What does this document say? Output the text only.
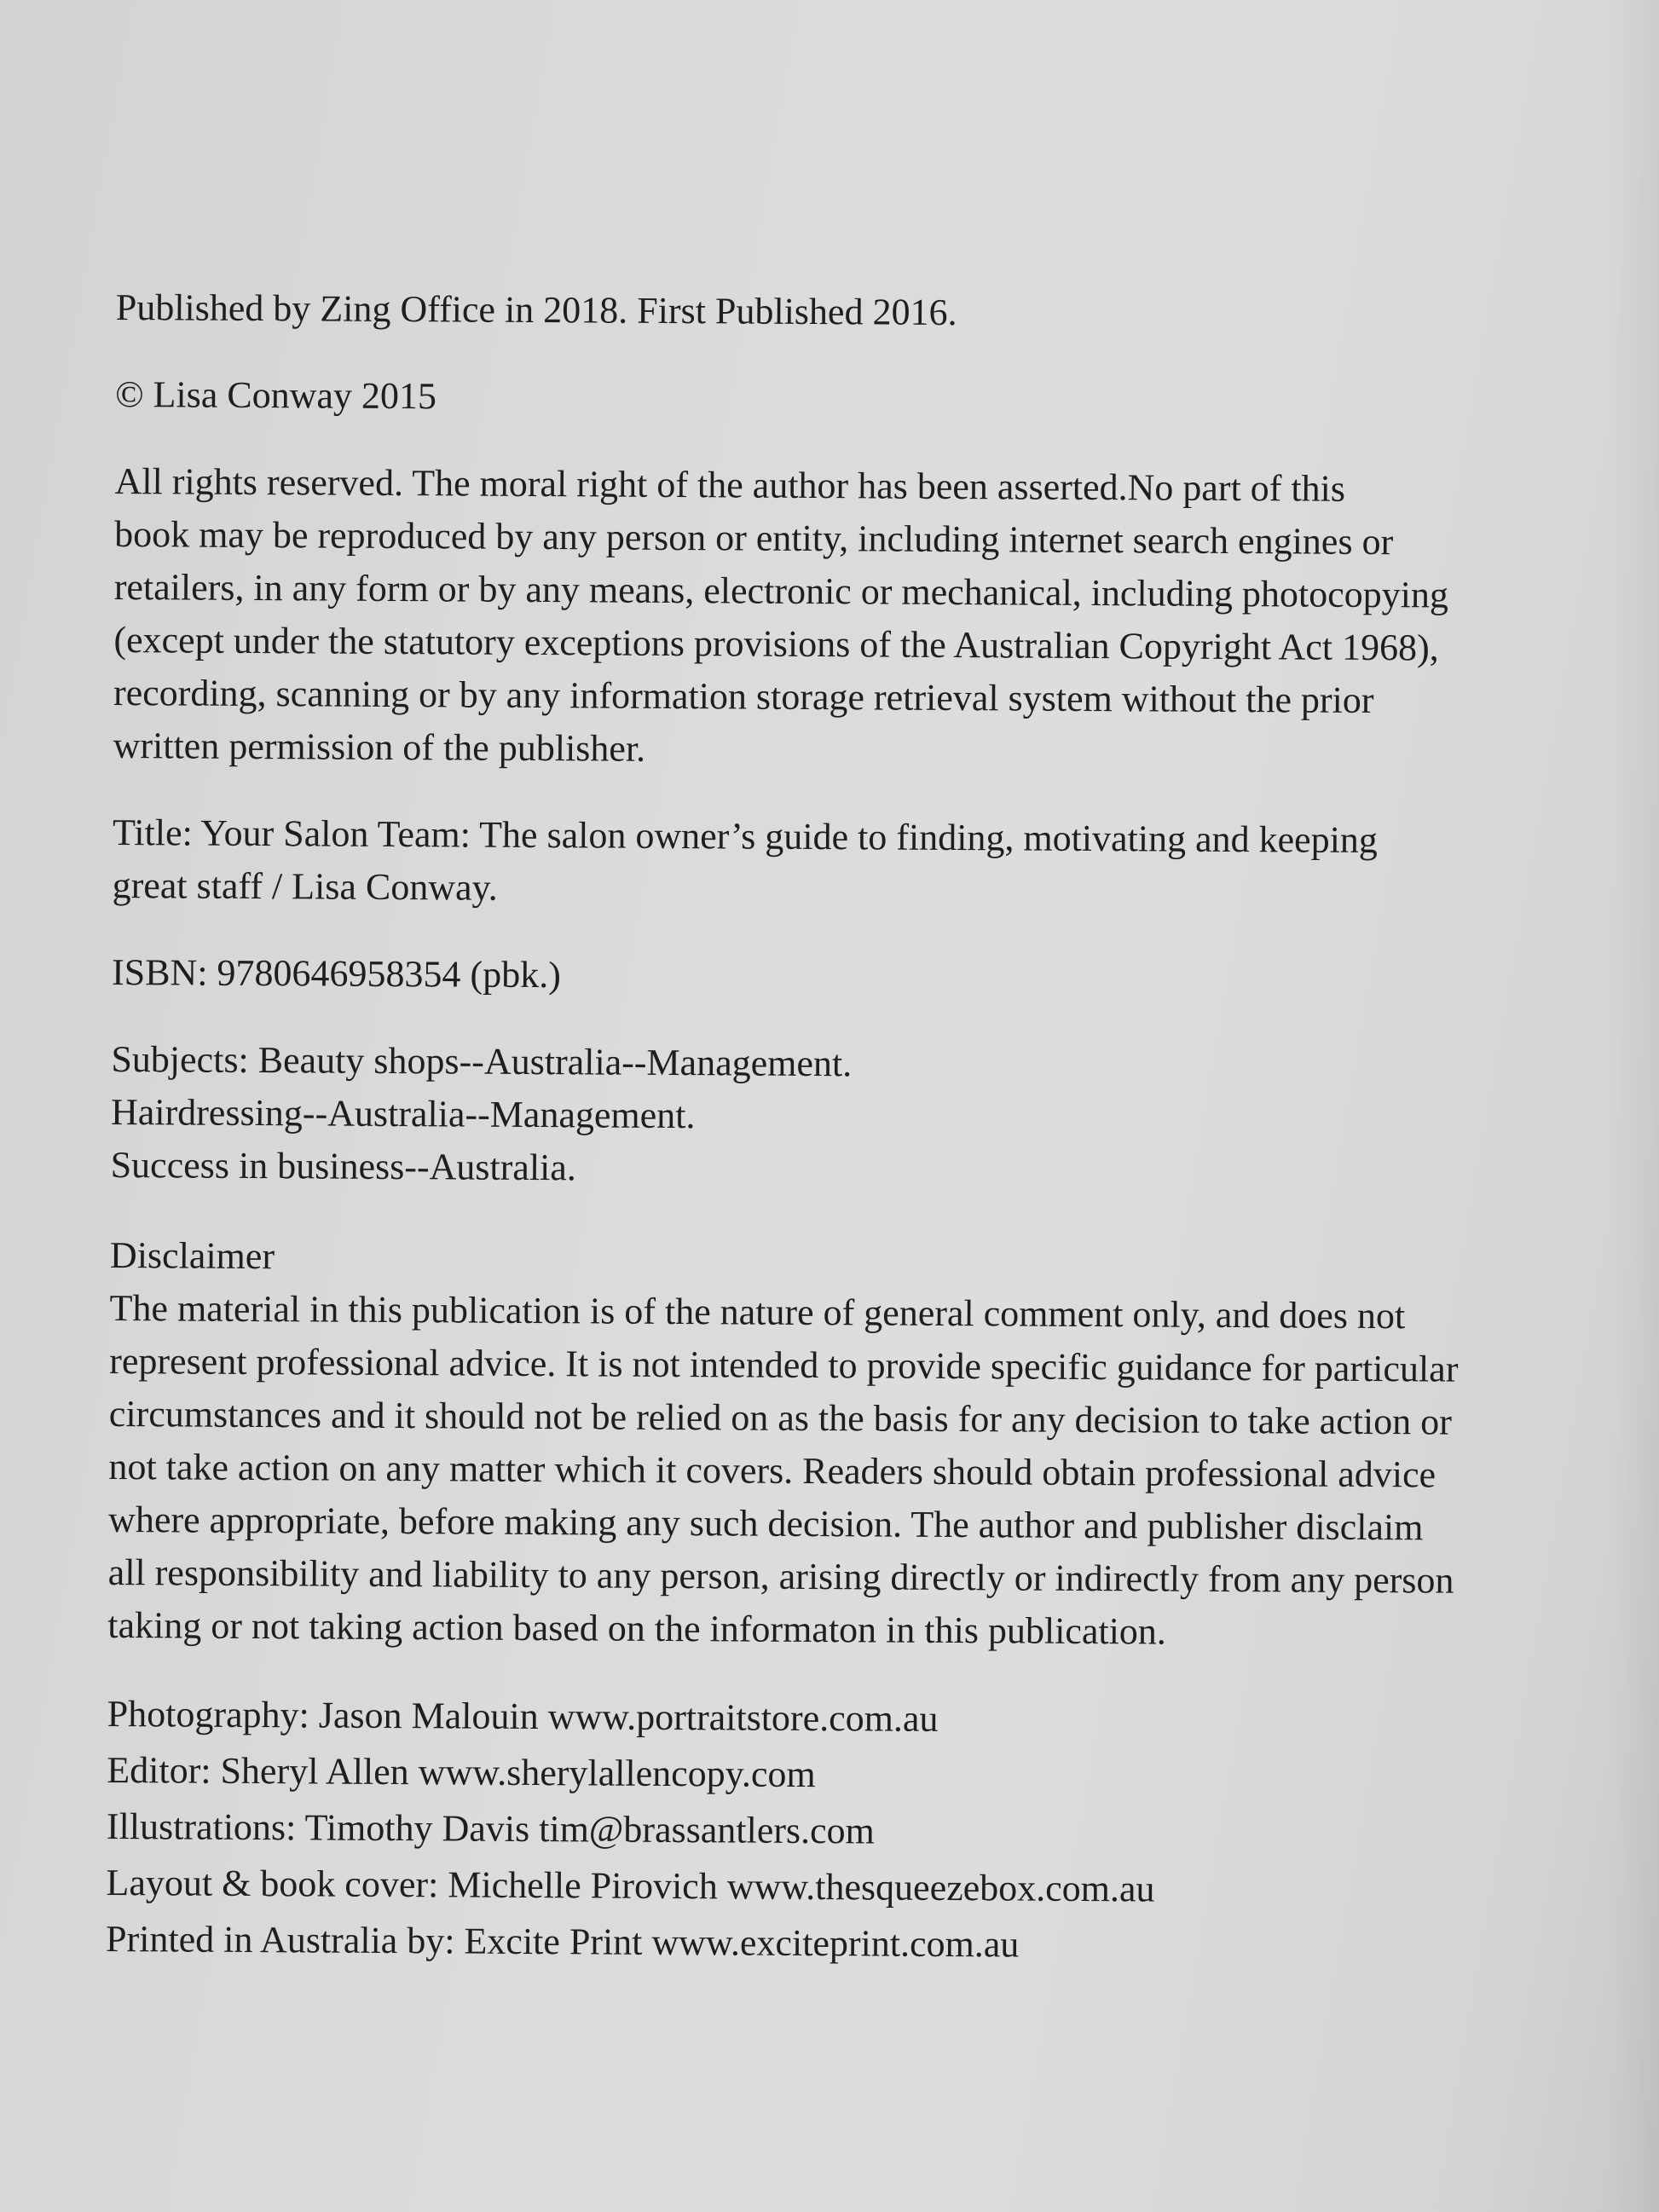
Published by Zing Office in 2018. First Published 2016.

© Lisa Conway 2015

All rights reserved. The moral right of the author has been asserted.No part of this
book may be reproduced by any person or entity, including internet search engines or
retailers, in any form or by any means, electronic or mechanical, including photocopying
(except under the statutory exceptions provisions of the Australian Copyright Act 1968),
recording, scanning or by any information storage retrieval system without the prior
written permission of the publisher.

Title: Your Salon Team: The salon owner’s guide to finding, motivating and keeping
great staff / Lisa Conway.

ISBN: 9780646958354 (pbk.)

Subjects: Beauty shops--Australia--Management.
Hairdressing--Australia--Management.
Success in business--Australia.

Disclaimer
The material in this publication is of the nature of general comment only, and does not
represent professional advice. It is not intended to provide specific guidance for particular
circumstances and it should not be relied on as the basis for any decision to take action or
not take action on any matter which it covers. Readers should obtain professional advice
where appropriate, before making any such decision. The author and publisher disclaim
all responsibility and liability to any person, arising directly or indirectly from any person
taking or not taking action based on the informaton in this publication.

Photography: Jason Malouin www.portraitstore.com.au
Editor: Sheryl Allen www.sherylallencopy.com
Illustrations: Timothy Davis tim@brassantlers.com
Layout & book cover: Michelle Pirovich www.thesqueezebox.com.au
Printed in Australia by: Excite Print www.exciteprint.com.au
